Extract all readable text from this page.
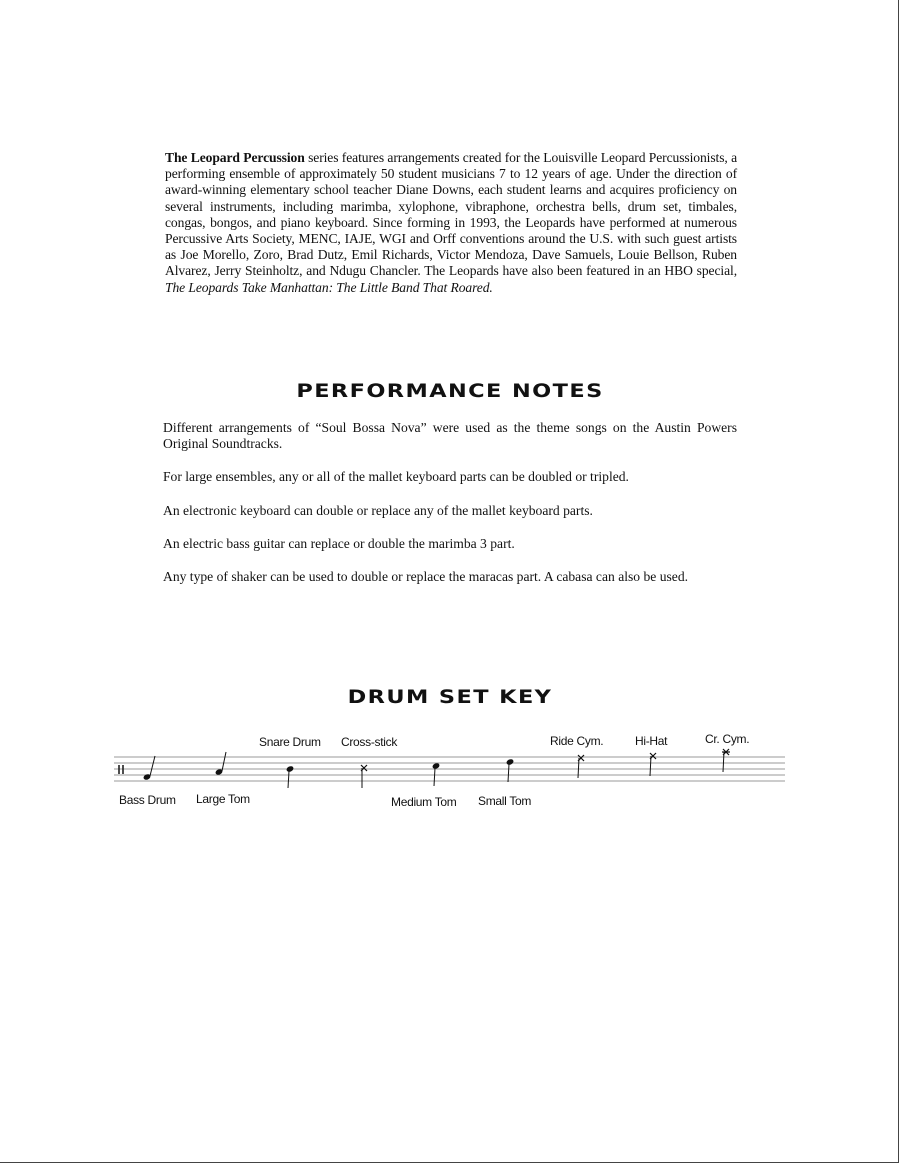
The Leopard Percussion series features arrangements created for the Louisville Leopard Percussionists, a performing ensemble of approximately 50 student musicians 7 to 12 years of age. Under the direction of award-winning elementary school teacher Diane Downs, each student learns and acquires proficiency on several instruments, including marimba, xylophone, vibraphone, orchestra bells, drum set, timbales, congas, bongos, and piano keyboard. Since forming in 1993, the Leopards have performed at numerous Percussive Arts Society, MENC, IAJE, WGI and Orff conventions around the U.S. with such guest artists as Joe Morello, Zoro, Brad Dutz, Emil Richards, Victor Mendoza, Dave Samuels, Louie Bellson, Ruben Alvarez, Jerry Steinholtz, and Ndugu Chancler. The Leopards have also been featured in an HBO special, The Leopards Take Manhattan: The Little Band That Roared.
PERFORMANCE NOTES

Different arrangements of “Soul Bossa Nova” were used as the theme songs on the Austin Powers Original Soundtracks.

For large ensembles, any or all of the mallet keyboard parts can be doubled or tripled.

An electronic keyboard can double or replace any of the mallet keyboard parts.

An electric bass guitar can replace or double the marimba 3 part.

Any type of shaker can be used to double or replace the maracas part. A cabasa can also be used.

DRUM SET KEY
Bass Drum Large Tom
Snare Drum Cross-stick
Medium Tom Small Tom
Ride Cym.	Hi-Hat	Cr. Cym.
